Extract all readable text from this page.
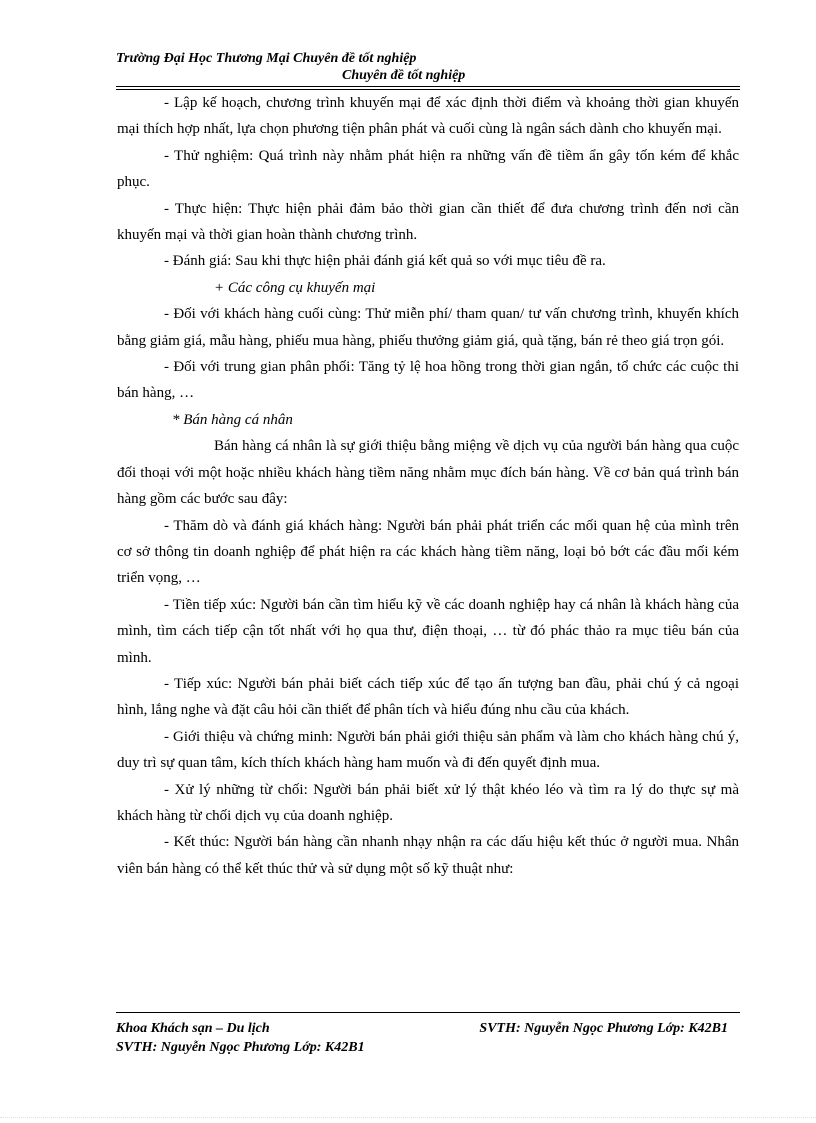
Trường Đại Học Thương Mại Chuyên đề tốt nghiệp
Chuyên đề tốt nghiệp

- Lập kế hoạch, chương trình khuyến mại để xác định thời điểm và khoảng thời gian khuyến mại thích hợp nhất, lựa chọn phương tiện phân phát và cuối cùng là ngân sách dành cho khuyến mại.

- Thử nghiệm: Quá trình này nhằm phát hiện ra những vấn đề tiềm ẩn gây tốn kém để khắc phục.

- Thực hiện: Thực hiện phải đảm bảo thời gian cần thiết để đưa chương trình đến nơi cần khuyến mại và thời gian hoàn thành chương trình.

- Đánh giá: Sau khi thực hiện phải đánh giá kết quả so với mục tiêu đề ra.

+ Các công cụ khuyến mại

- Đối với khách hàng cuối cùng: Thử miễn phí/ tham quan/ tư vấn chương trình, khuyến khích bằng giảm giá, mẫu hàng, phiếu mua hàng, phiếu thưởng giảm giá, quà tặng, bán rẻ theo giá trọn gói.

- Đối với trung gian phân phối: Tăng tỷ lệ hoa hồng trong thời gian ngắn, tổ chức các cuộc thi bán hàng, …

* Bán hàng cá nhân

Bán hàng cá nhân là sự giới thiệu bằng miệng về dịch vụ của người bán hàng qua cuộc đối thoại với một hoặc nhiều khách hàng tiềm năng nhằm mục đích bán hàng. Về cơ bản quá trình bán hàng gồm các bước sau đây:

- Thăm dò và đánh giá khách hàng: Người bán phải phát triển các mối quan hệ của mình trên cơ sở thông tin doanh nghiệp để phát hiện ra các khách hàng tiềm năng, loại bỏ bớt các đầu mối kém triển vọng, …

- Tiền tiếp xúc: Người bán cần tìm hiểu kỹ về các doanh nghiệp hay cá nhân là khách hàng của mình, tìm cách tiếp cận tốt nhất với họ qua thư, điện thoại, … từ đó phác thảo ra mục tiêu bán của mình.

- Tiếp xúc: Người bán phải biết cách tiếp xúc để tạo ấn tượng ban đầu, phải chú ý cả ngoại hình, lắng nghe và đặt câu hỏi cần thiết để phân tích và hiểu đúng nhu cầu của khách.

- Giới thiệu và chứng minh: Người bán phải giới thiệu sản phẩm và làm cho khách hàng chú ý, duy trì sự quan tâm, kích thích khách hàng ham muốn và đi đến quyết định mua.

- Xử lý những từ chối: Người bán phải biết xử lý thật khéo léo và tìm ra lý do thực sự mà khách hàng từ chối dịch vụ của doanh nghiệp.

- Kết thúc: Người bán hàng cần nhanh nhạy nhận ra các dấu hiệu kết thúc ở người mua. Nhân viên bán hàng có thể kết thúc thử và sử dụng một số kỹ thuật như:

Khoa Khách sạn – Du lịch	SVTH: Nguyễn Ngọc Phương Lớp: K42B1
SVTH: Nguyễn Ngọc Phương Lớp: K42B1
